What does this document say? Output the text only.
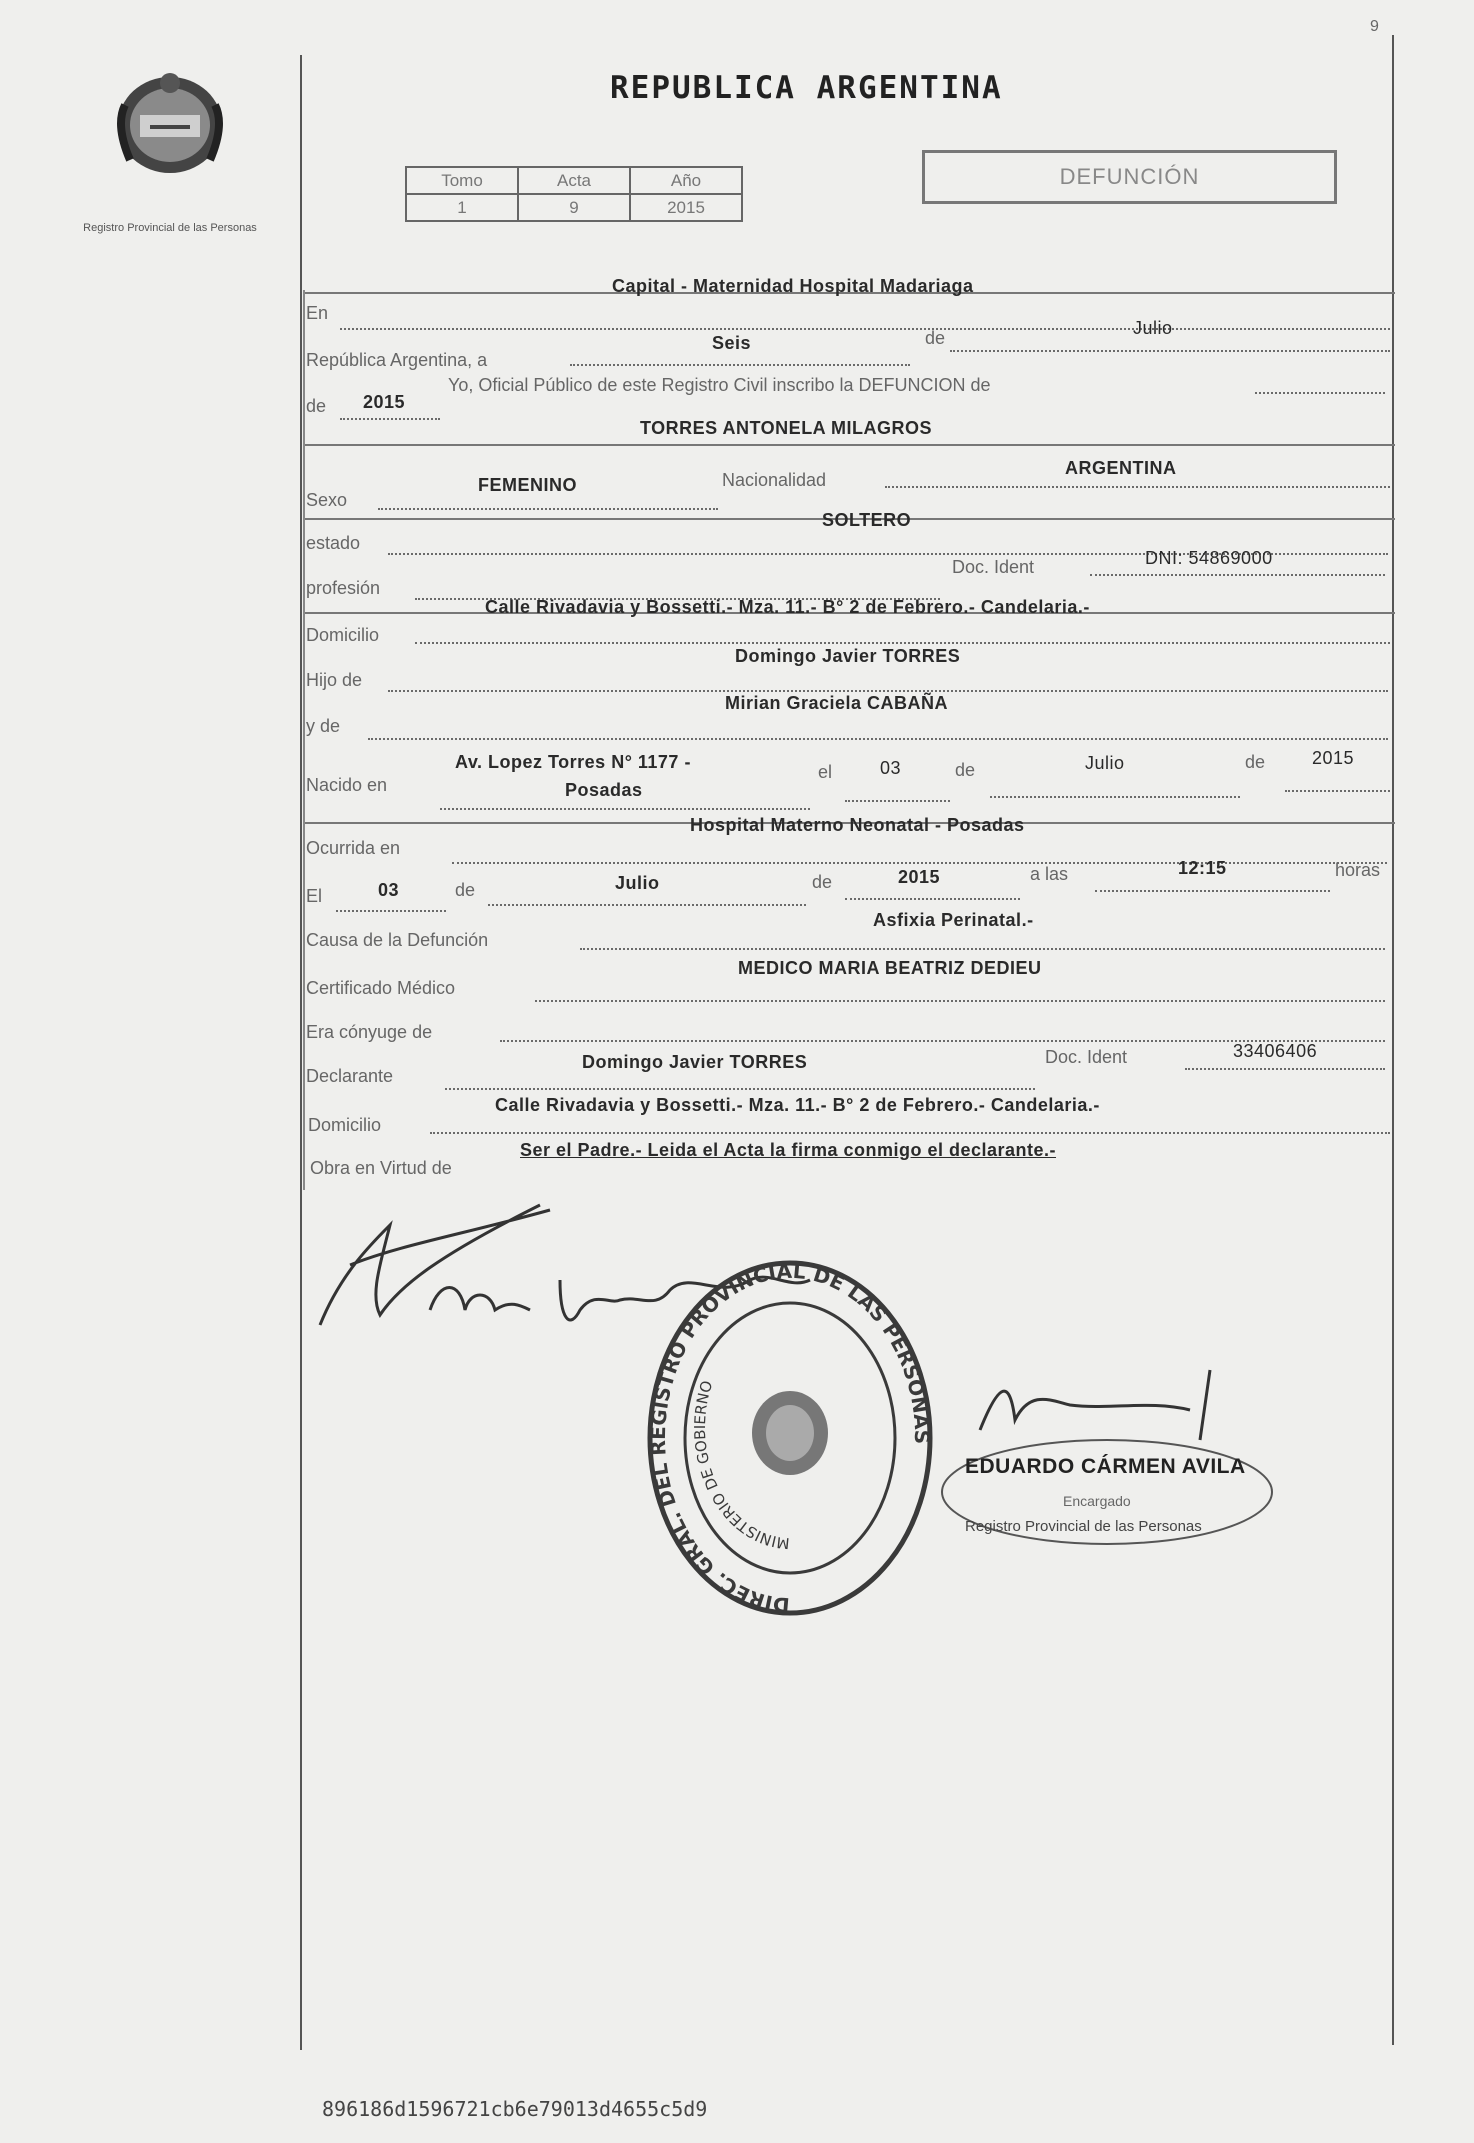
Registro Provincial de las Personas
9
REPUBLICA ARGENTINA
Tomo	Acta	Año
1	9	2015
DEFUNCIÓN
En
Capital - Maternidad Hospital Madariaga
República Argentina, a
Seis	de	Julio
de 2015
Yo, Oficial Público de este Registro Civil inscribo la DEFUNCION de
TORRES ANTONELA MILAGROS
Sexo
FEMENINO	Nacionalidad
ARGENTINA
estado
SOLTERO
profesión
Doc. Ident	DNI: 54869000
Domicilio
Calle Rivadavia y Bossetti.- Mza. 11.- B° 2 de Febrero.- Candelaria.-
Hijo de
Domingo Javier TORRES
y de
Mirian Graciela CABAÑA
Nacido en
Av. Lopez Torres N° 1177 -
Posadas
el	03	de	Julio	de	2015
Ocurrida en
Hospital Materno Neonatal - Posadas
El	03	de	Julio	de	2015	a las	12:15	horas
Causa de la Defunción
Asfixia Perinatal.-
Certificado Médico
MEDICO MARIA BEATRIZ DEDIEU
Era cónyuge de
Declarante
Domingo Javier TORRES	Doc. Ident	33406406
Domicilio
Calle Rivadavia y Bossetti.- Mza. 11.- B° 2 de Febrero.- Candelaria.-
Obra en Virtud de
Ser el Padre.- Leida el Acta la firma conmigo el declarante.-
DIREC. GRAL. DEL REGISTRO PROVINCIAL DE LAS PERSONAS
MINISTERIO DE GOBIERNO
EDUARDO CÁRMEN AVILA
Encargado
Registro Provincial de las Personas
896186d1596721cb6e79013d4655c5d9
